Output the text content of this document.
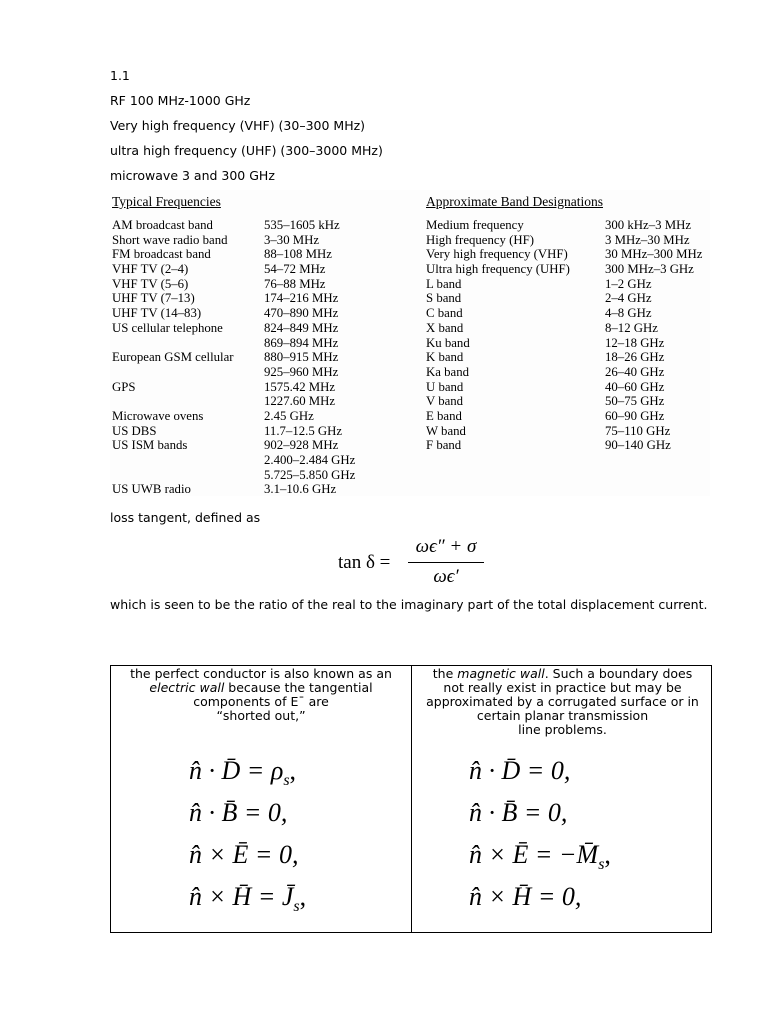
1.1
RF 100 MHz-1000 GHz
Very high frequency (VHF) (30–300 MHz)
ultra high frequency (UHF) (300–3000 MHz)
microwave 3 and 300 GHz
Typical Frequencies	Approximate Band Designations
AM broadcast band
Short wave radio band
FM broadcast band
VHF TV (2–4)
VHF TV (5–6)
UHF TV (7–13)
UHF TV (14–83)
US cellular telephone
European GSM cellular
GPS
Microwave ovens
US DBS
US ISM bands
US UWB radio
535–1605 kHz
3–30 MHz
88–108 MHz
54–72 MHz
76–88 MHz
174–216 MHz
470–890 MHz
824–849 MHz
869–894 MHz
880–915 MHz
925–960 MHz
1575.42 MHz
1227.60 MHz
2.45 GHz
11.7–12.5 GHz
902–928 MHz
2.400–2.484 GHz
5.725–5.850 GHz
3.1–10.6 GHz
Medium frequency
High frequency (HF)
Very high frequency (VHF)
Ultra high frequency (UHF)
L band
S band
C band
X band
Ku band
K band
Ka band
U band
V band
E band
W band
F band
300 kHz–3 MHz
3 MHz–30 MHz
30 MHz–300 MHz
300 MHz–3 GHz
1–2 GHz
2–4 GHz
4–8 GHz
8–12 GHz
12–18 GHz
18–26 GHz
26–40 GHz
40–60 GHz
50–75 GHz
60–90 GHz
75–110 GHz
90–140 GHz
loss tangent, defined as
tan δ =
ωϵ″ + σ
ωϵ′
which is seen to be the ratio of the real to the imaginary part of the total displacement current.
the perfect conductor is also known as an
electric wall because the tangential
components of E¯ are
“shorted out,”
the magnetic wall. Such a boundary does
not really exist in practice but may be
approximated by a corrugated surface or in
certain planar transmission
line problems.
n̂ · D̄ = $\rho_s$,
n̂ · B̄ = 0,
n̂ × Ē = 0,
n̂ × H̄ = $J̄_s$,
n̂ · D̄ = 0,
n̂ · B̄ = 0,
n̂ × Ē = $-M̄_s$,
n̂ × H̄ = 0,
